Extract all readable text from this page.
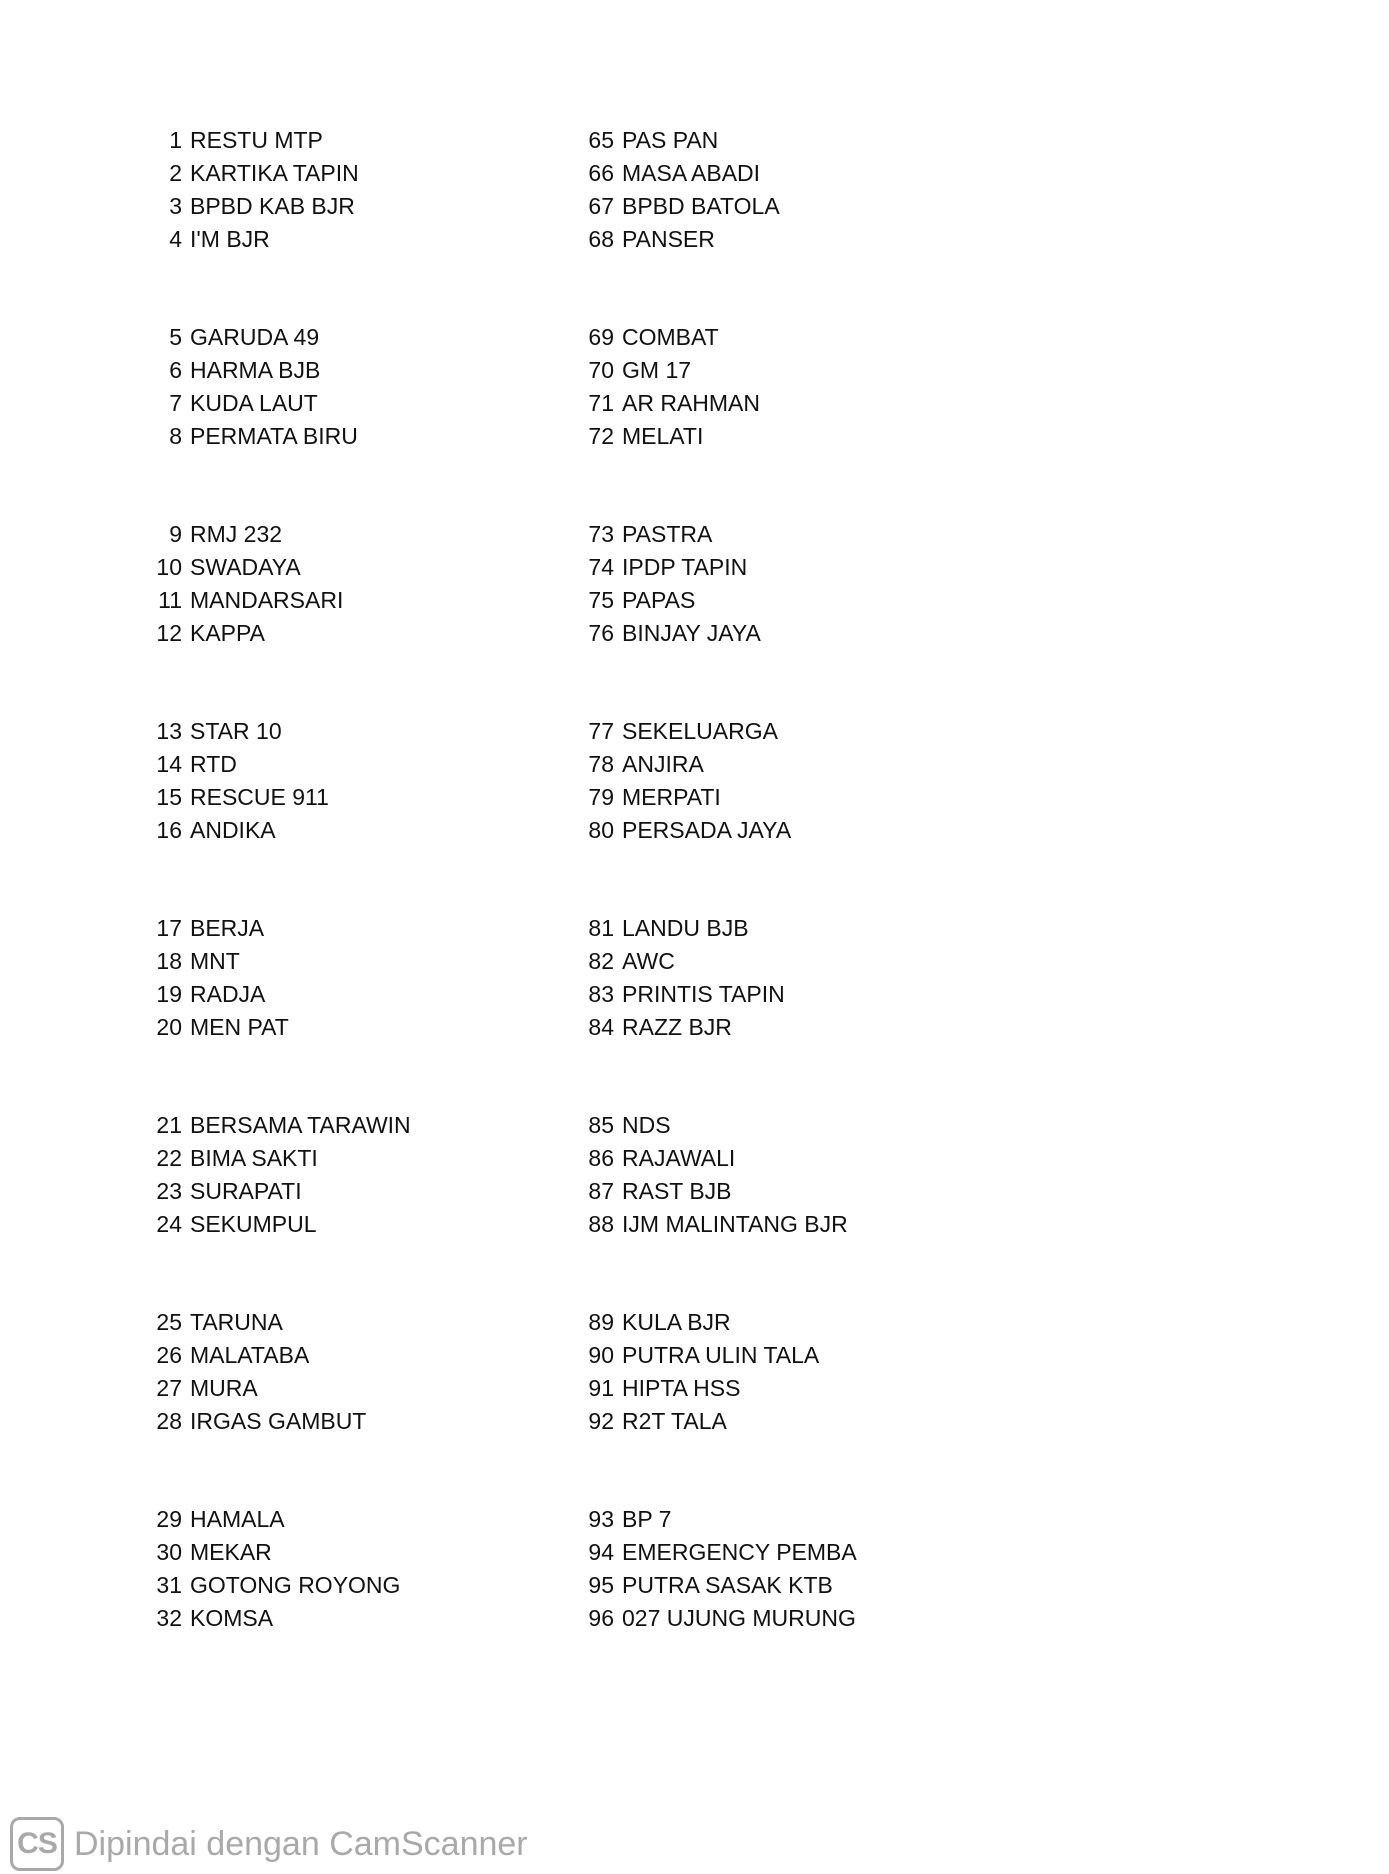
1 RESTU MTP
2 KARTIKA TAPIN
3 BPBD KAB BJR
4 I'M BJR
5 GARUDA 49
6 HARMA BJB
7 KUDA LAUT
8 PERMATA BIRU
9 RMJ 232
10 SWADAYA
11 MANDARSARI
12 KAPPA
13 STAR 10
14 RTD
15 RESCUE 911
16 ANDIKA
17 BERJA
18 MNT
19 RADJA
20 MEN PAT
21 BERSAMA TARAWIN
22 BIMA SAKTI
23 SURAPATI
24 SEKUMPUL
25 TARUNA
26 MALATABA
27 MURA
28 IRGAS GAMBUT
29 HAMALA
30 MEKAR
31 GOTONG ROYONG
32 KOMSA
65 PAS PAN
66 MASA ABADI
67 BPBD BATOLA
68 PANSER
69 COMBAT
70 GM 17
71 AR RAHMAN
72 MELATI
73 PASTRA
74 IPDP TAPIN
75 PAPAS
76 BINJAY JAYA
77 SEKELUARGA
78 ANJIRA
79 MERPATI
80 PERSADA JAYA
81 LANDU BJB
82 AWC
83 PRINTIS TAPIN
84 RAZZ BJR
85 NDS
86 RAJAWALI
87 RAST BJB
88 IJM MALINTANG BJR
89 KULA BJR
90 PUTRA ULIN TALA
91 HIPTA HSS
92 R2T TALA
93 BP 7
94 EMERGENCY PEMBA
95 PUTRA SASAK KTB
96 027 UJUNG MURUNG
CS Dipindai dengan CamScanner
